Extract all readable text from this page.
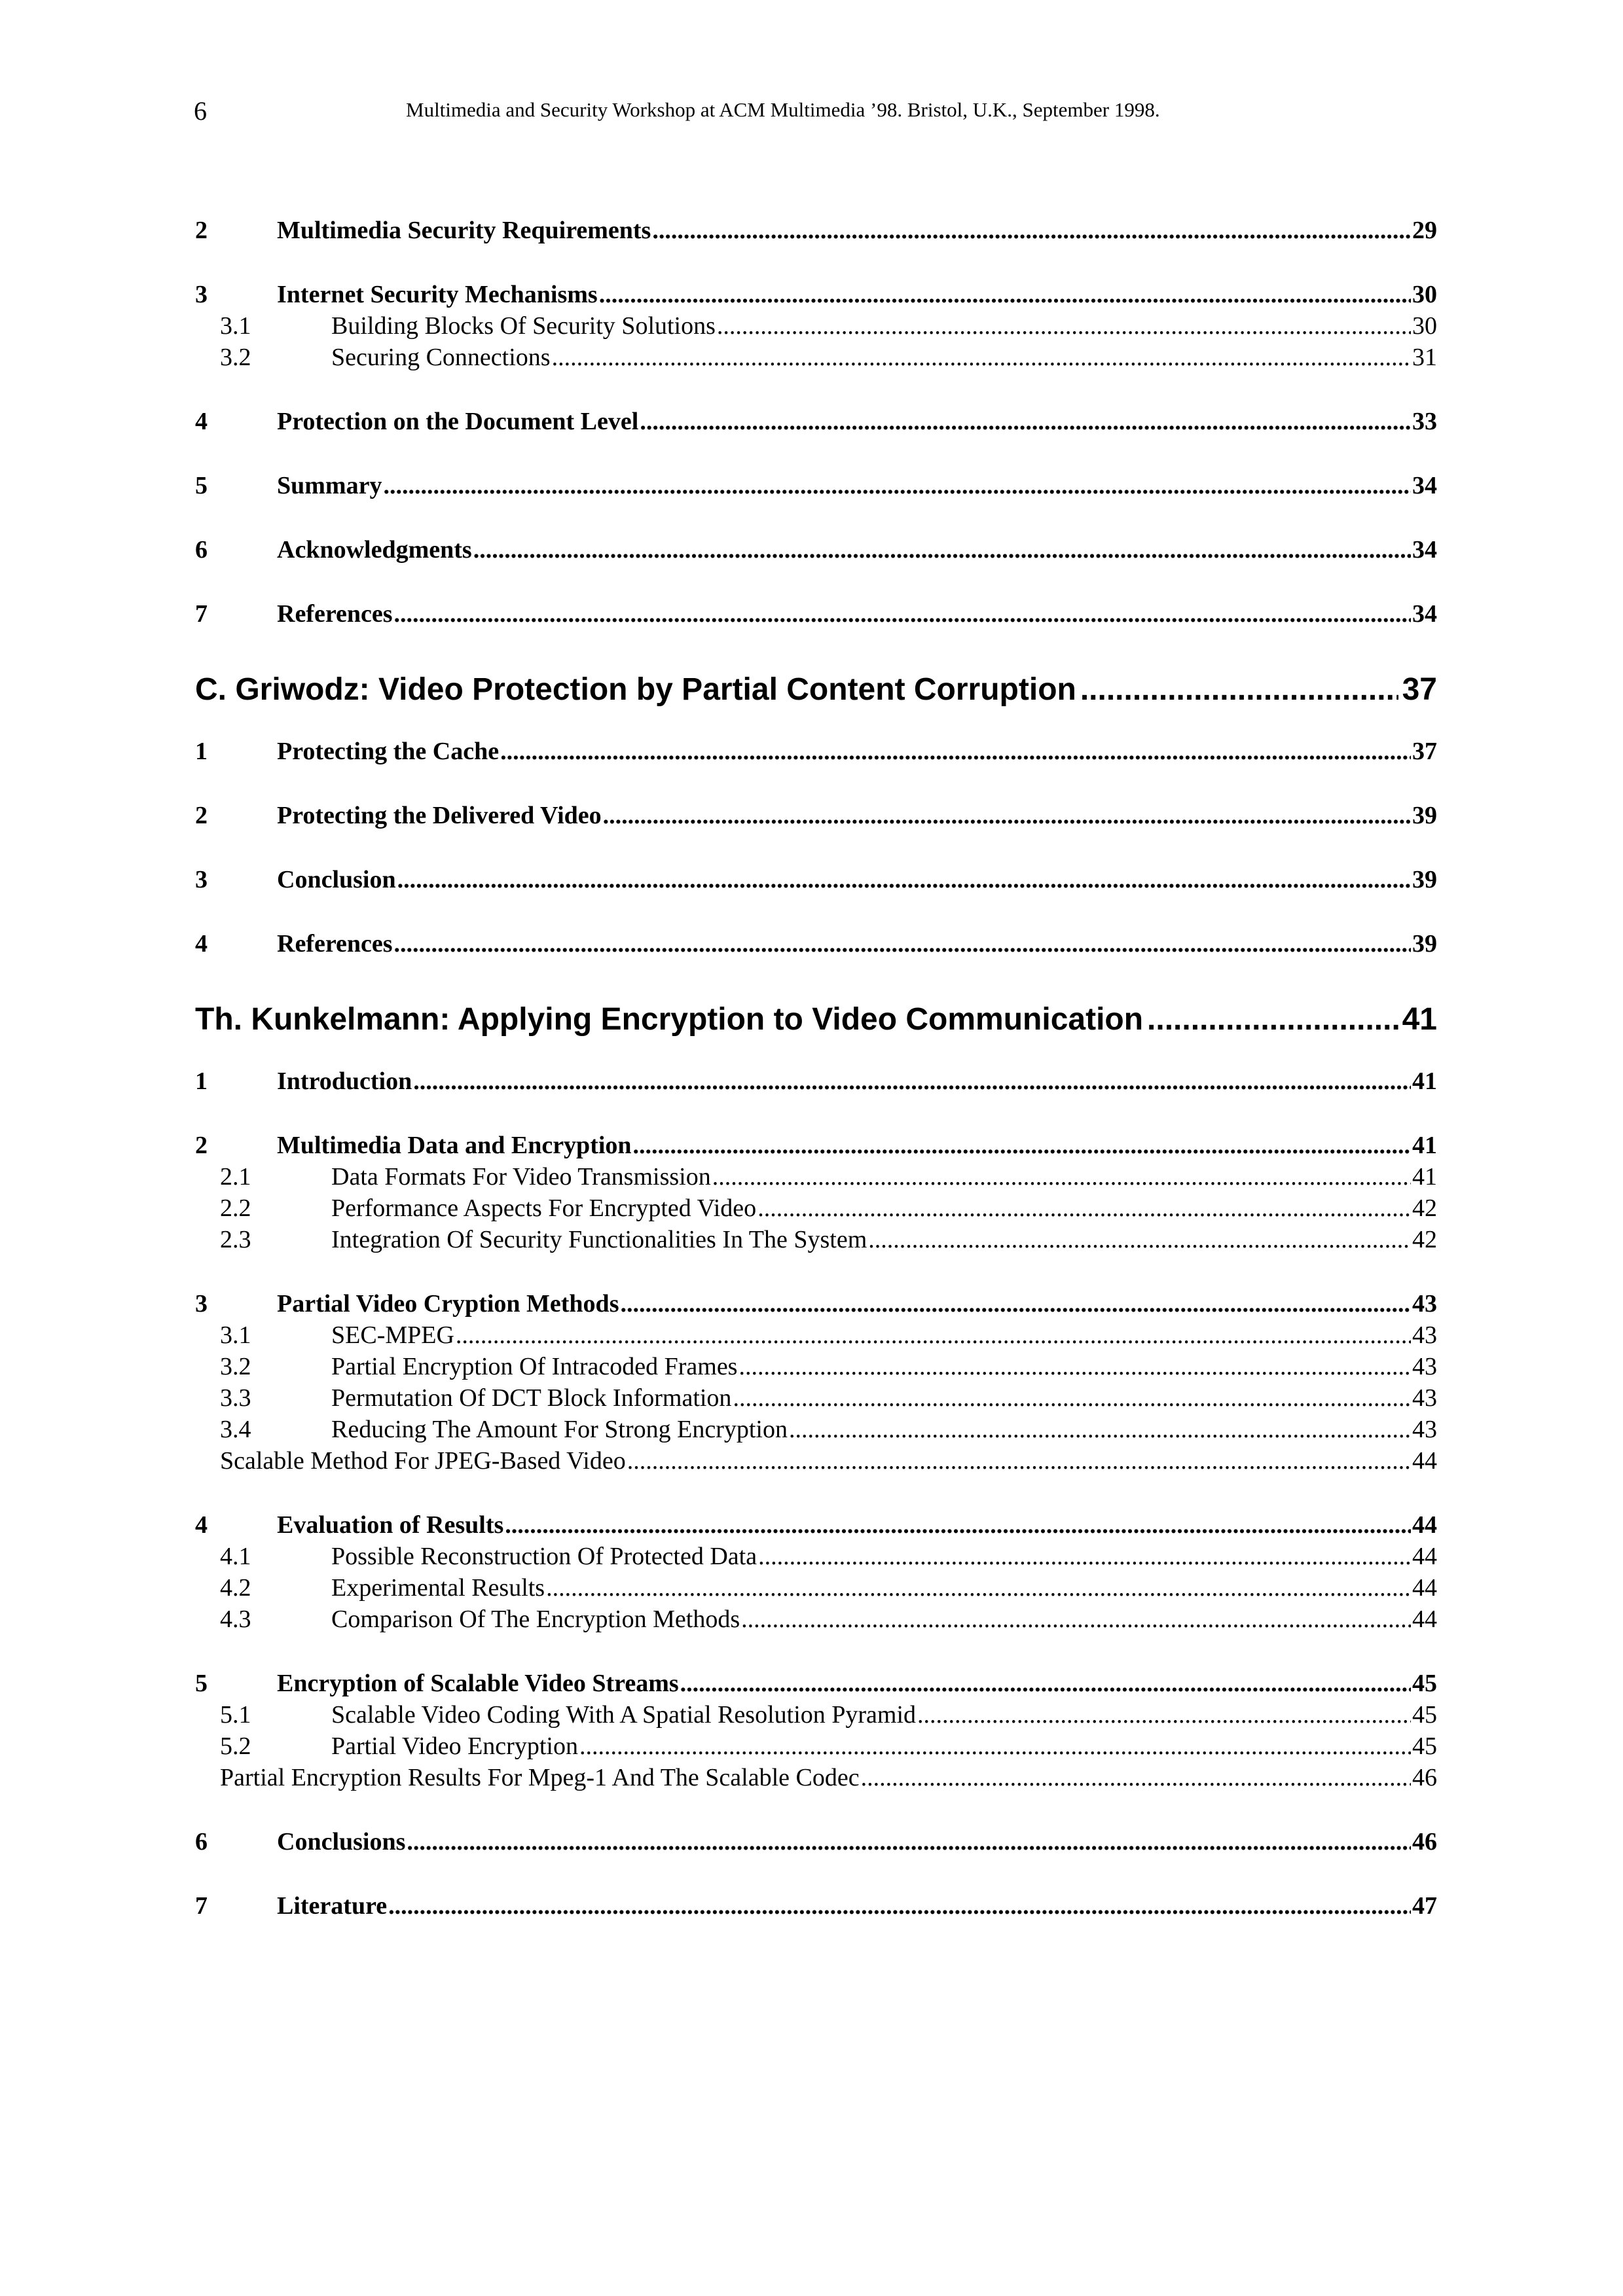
6	Multimedia and Security Workshop at ACM Multimedia ’98. Bristol, U.K., September 1998.
2	Multimedia Security Requirements .....	29
3	Internet Security Mechanisms .....	30
3.1	Building Blocks Of Security Solutions .....	30
3.2	Securing Connections .....	31
4	Protection on the Document Level .....	33
5	Summary .....	34
6	Acknowledgments .....	34
7	References .....	34
C. Griwodz: Video Protection by Partial Content Corruption .....	37
1	Protecting the Cache .....	37
2	Protecting the Delivered Video .....	39
3	Conclusion .....	39
4	References .....	39
Th. Kunkelmann: Applying Encryption to Video Communication .....	41
1	Introduction .....	41
2	Multimedia Data and Encryption .....	41
2.1	Data Formats For Video Transmission .....	41
2.2	Performance Aspects For Encrypted Video .....	42
2.3	Integration Of Security Functionalities In The System .....	42
3	Partial Video Cryption Methods .....	43
3.1	SEC-MPEG .....	43
3.2	Partial Encryption Of Intracoded Frames .....	43
3.3	Permutation Of DCT Block Information .....	43
3.4	Reducing The Amount For Strong Encryption .....	43
Scalable Method For JPEG-Based Video .....	44
4	Evaluation of Results .....	44
4.1	Possible Reconstruction Of Protected Data .....	44
4.2	Experimental Results .....	44
4.3	Comparison Of The Encryption Methods .....	44
5	Encryption of Scalable Video Streams .....	45
5.1	Scalable Video Coding With A Spatial Resolution Pyramid .....	45
5.2	Partial Video Encryption .....	45
Partial Encryption Results For Mpeg-1 And The Scalable Codec .....	46
6	Conclusions .....	46
7	Literature .....	47
